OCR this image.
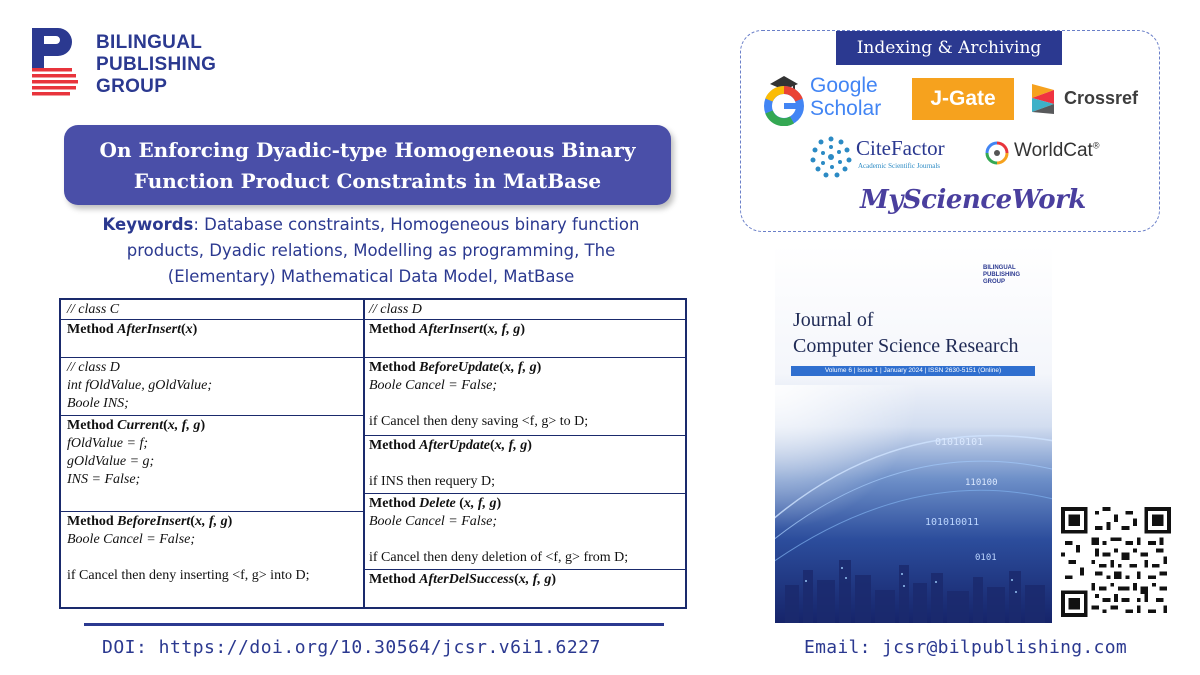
BILINGUAL
PUBLISHING
GROUP
On Enforcing Dyadic-type Homogeneous Binary
Function Product Constraints in MatBase
Keywords: Database constraints, Homogeneous binary function
products, Dyadic relations, Modelling as programming, The
(Elementary) Mathematical Data Model, MatBase
// class C
Method AfterInsert(x)
// class D
int fOldValue, gOldValue;
Boole INS;
Method Current(x, f, g)
fOldValue = f;
gOldValue = g;
INS = False;
Method BeforeInsert(x, f, g)
Boole Cancel = False;
if Cancel then deny inserting <f, g> into D;
// class D
Method AfterInsert(x, f, g)
Method BeforeUpdate(x, f, g)
Boole Cancel = False;
if Cancel then deny saving <f, g> to D;
Method AfterUpdate(x, f, g)
if INS then requery D;
Method Delete (x, f, g)
Boole Cancel = False;
if Cancel then deny deletion of <f, g> from D;
Method AfterDelSuccess(x, f, g)
DOI: https://doi.org/10.30564/jcsr.v6i1.6227
Indexing & Archiving
Google
Scholar	J-Gate	Crossref
CiteFactor
Academic Scientific Journals
WorldCat®
MyScienceWork
BILINGUAL
PUBLISHING
GROUP
Journal of
Computer Science Research
Volume 6 | Issue 1 | January 2024 | ISSN 2630-5151 (Online)
01010101
110100
101010011
0101
Email: jcsr@bilpublishing.com
